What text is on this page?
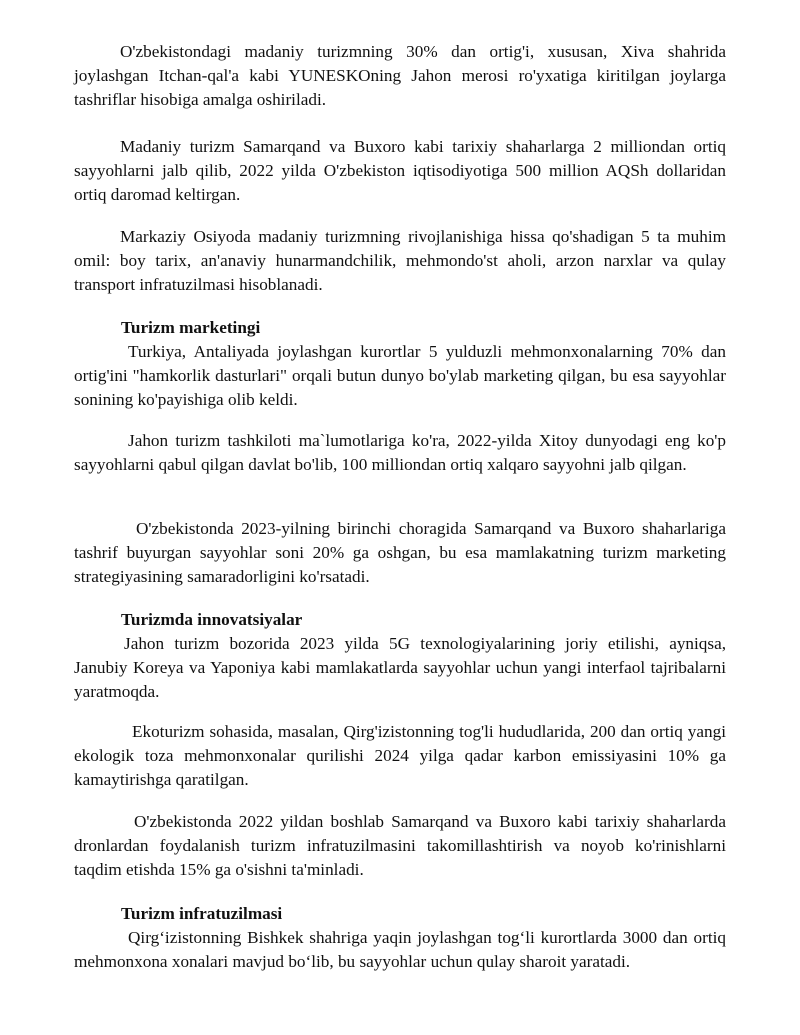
O'zbekistondagi madaniy turizmning 30% dan ortig'i, xususan, Xiva shahrida joylashgan Itchan-qal'a kabi YUNESKOning Jahon merosi ro'yxatiga kiritilgan joylarga tashriflar hisobiga amalga oshiriladi.

Madaniy turizm Samarqand va Buxoro kabi tarixiy shaharlarga 2 milliondan ortiq sayyohlarni jalb qilib, 2022 yilda O'zbekiston iqtisodiyotiga 500 million AQSh dollaridan ortiq daromad keltirgan.

Markaziy Osiyoda madaniy turizmning rivojlanishiga hissa qo'shadigan 5 ta muhim omil: boy tarix, an'anaviy hunarmandchilik, mehmondo'st aholi, arzon narxlar va qulay transport infratuzilmasi hisoblanadi.

Turizm marketingi

Turkiya, Antaliyada joylashgan kurortlar 5 yulduzli mehmonxonalarning 70% dan ortig'ini "hamkorlik dasturlari" orqali butun dunyo bo'ylab marketing qilgan, bu esa sayyohlar sonining ko'payishiga olib keldi.

Jahon turizm tashkiloti ma`lumotlariga ko'ra, 2022-yilda Xitoy dunyodagi eng ko'p sayyohlarni qabul qilgan davlat bo'lib, 100 milliondan ortiq xalqaro sayyohni jalb qilgan.

O'zbekistonda 2023-yilning birinchi choragida Samarqand va Buxoro shaharlariga tashrif buyurgan sayyohlar soni 20% ga oshgan, bu esa mamlakatning turizm marketing strategiyasining samaradorligini ko'rsatadi.

Turizmda innovatsiyalar

Jahon turizm bozorida 2023 yilda 5G texnologiyalarining joriy etilishi, ayniqsa, Janubiy Koreya va Yaponiya kabi mamlakatlarda sayyohlar uchun yangi interfaol tajribalarni yaratmoqda.

Ekoturizm sohasida, masalan, Qirg'izistonning tog'li hududlarida, 200 dan ortiq yangi ekologik toza mehmonxonalar qurilishi 2024 yilga qadar karbon emissiyasini 10% ga kamaytirishga qaratilgan.

O'zbekistonda 2022 yildan boshlab Samarqand va Buxoro kabi tarixiy shaharlarda dronlardan foydalanish turizm infratuzilmasini takomillashtirish va noyob ko'rinishlarni taqdim etishda 15% ga o'sishni ta'minladi.

Turizm infratuzilmasi

Qirg‘izistonning Bishkek shahriga yaqin joylashgan tog‘li kurortlarda 3000 dan ortiq mehmonxona xonalari mavjud bo‘lib, bu sayyohlar uchun qulay sharoit yaratadi.
